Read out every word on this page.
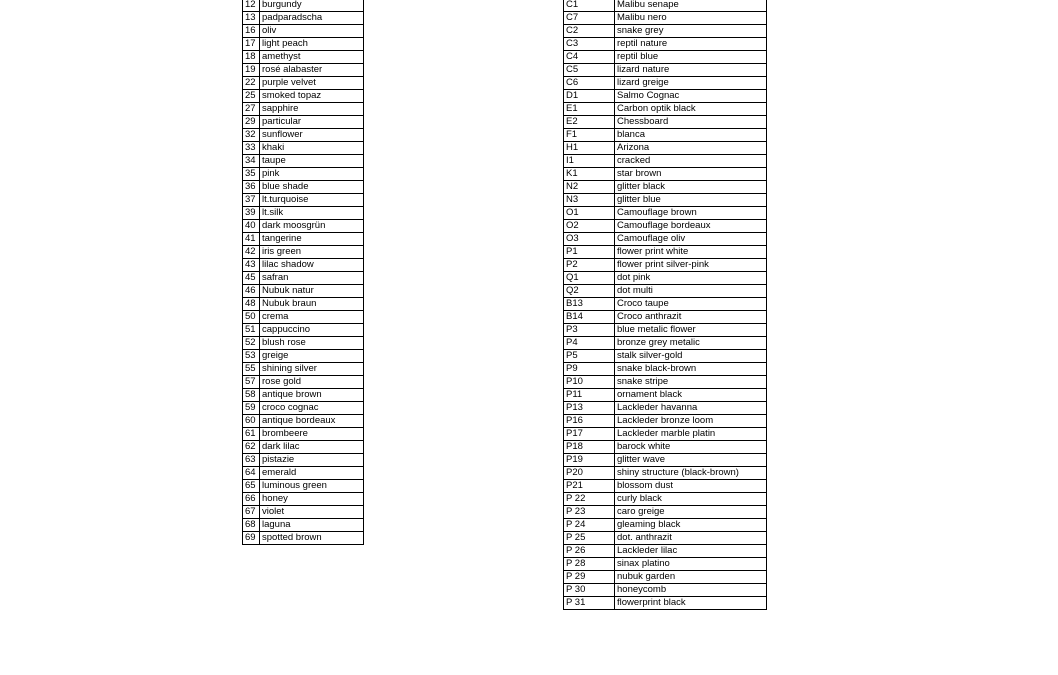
12	burgundy
13	padparadscha
16	oliv
17	light peach
18	amethyst
19	rosé alabaster
22	purple velvet
25	smoked topaz
27	sapphire
29	particular
32	sunflower
33	khaki
34	taupe
35	pink
36	blue shade
37	lt.turquoise
39	lt.silk
40	dark moosgrün
41	tangerine
42	iris green
43	lilac shadow
45	safran
46	Nubuk natur
48	Nubuk braun
50	crema
51	cappuccino
52	blush rose
53	greige
55	shining silver
57	rose gold
58	antique brown
59	croco cognac
60	antique bordeaux
61	brombeere
62	dark lilac
63	pistazie
64	emerald
65	luminous green
66	honey
67	violet
68	laguna
69	spotted brown
C1	Malibu senape
C7	Malibu nero
C2	snake grey
C3	reptil nature
C4	reptil blue
C5	lizard nature
C6	lizard greige
D1	Salmo Cognac
E1	Carbon optik black
E2	Chessboard
F1	blanca
H1	Arizona
I1	cracked
K1	star brown
N2	glitter black
N3	glitter blue
O1	Camouflage brown
O2	Camouflage bordeaux
O3	Camouflage oliv
P1	flower print white
P2	flower print silver-pink
Q1	dot pink
Q2	dot multi
B13	Croco taupe
B14	Croco anthrazit
P3	blue metalic flower
P4	bronze grey metalic
P5	stalk silver-gold
P9	snake black-brown
P10	snake stripe
P11	ornament black
P13	Lackleder havanna
P16	Lackleder bronze loom
P17	Lackleder marble platin
P18	barock white
P19	glitter wave
P20	shiny structure (black-brown)
P21	blossom dust
P 22	curly black
P 23	caro greige
P 24	gleaming black
P 25	dot. anthrazit
P 26	Lackleder lilac
P 28	sinax platino
P 29	nubuk garden
P 30	honeycomb
P 31	flowerprint black
